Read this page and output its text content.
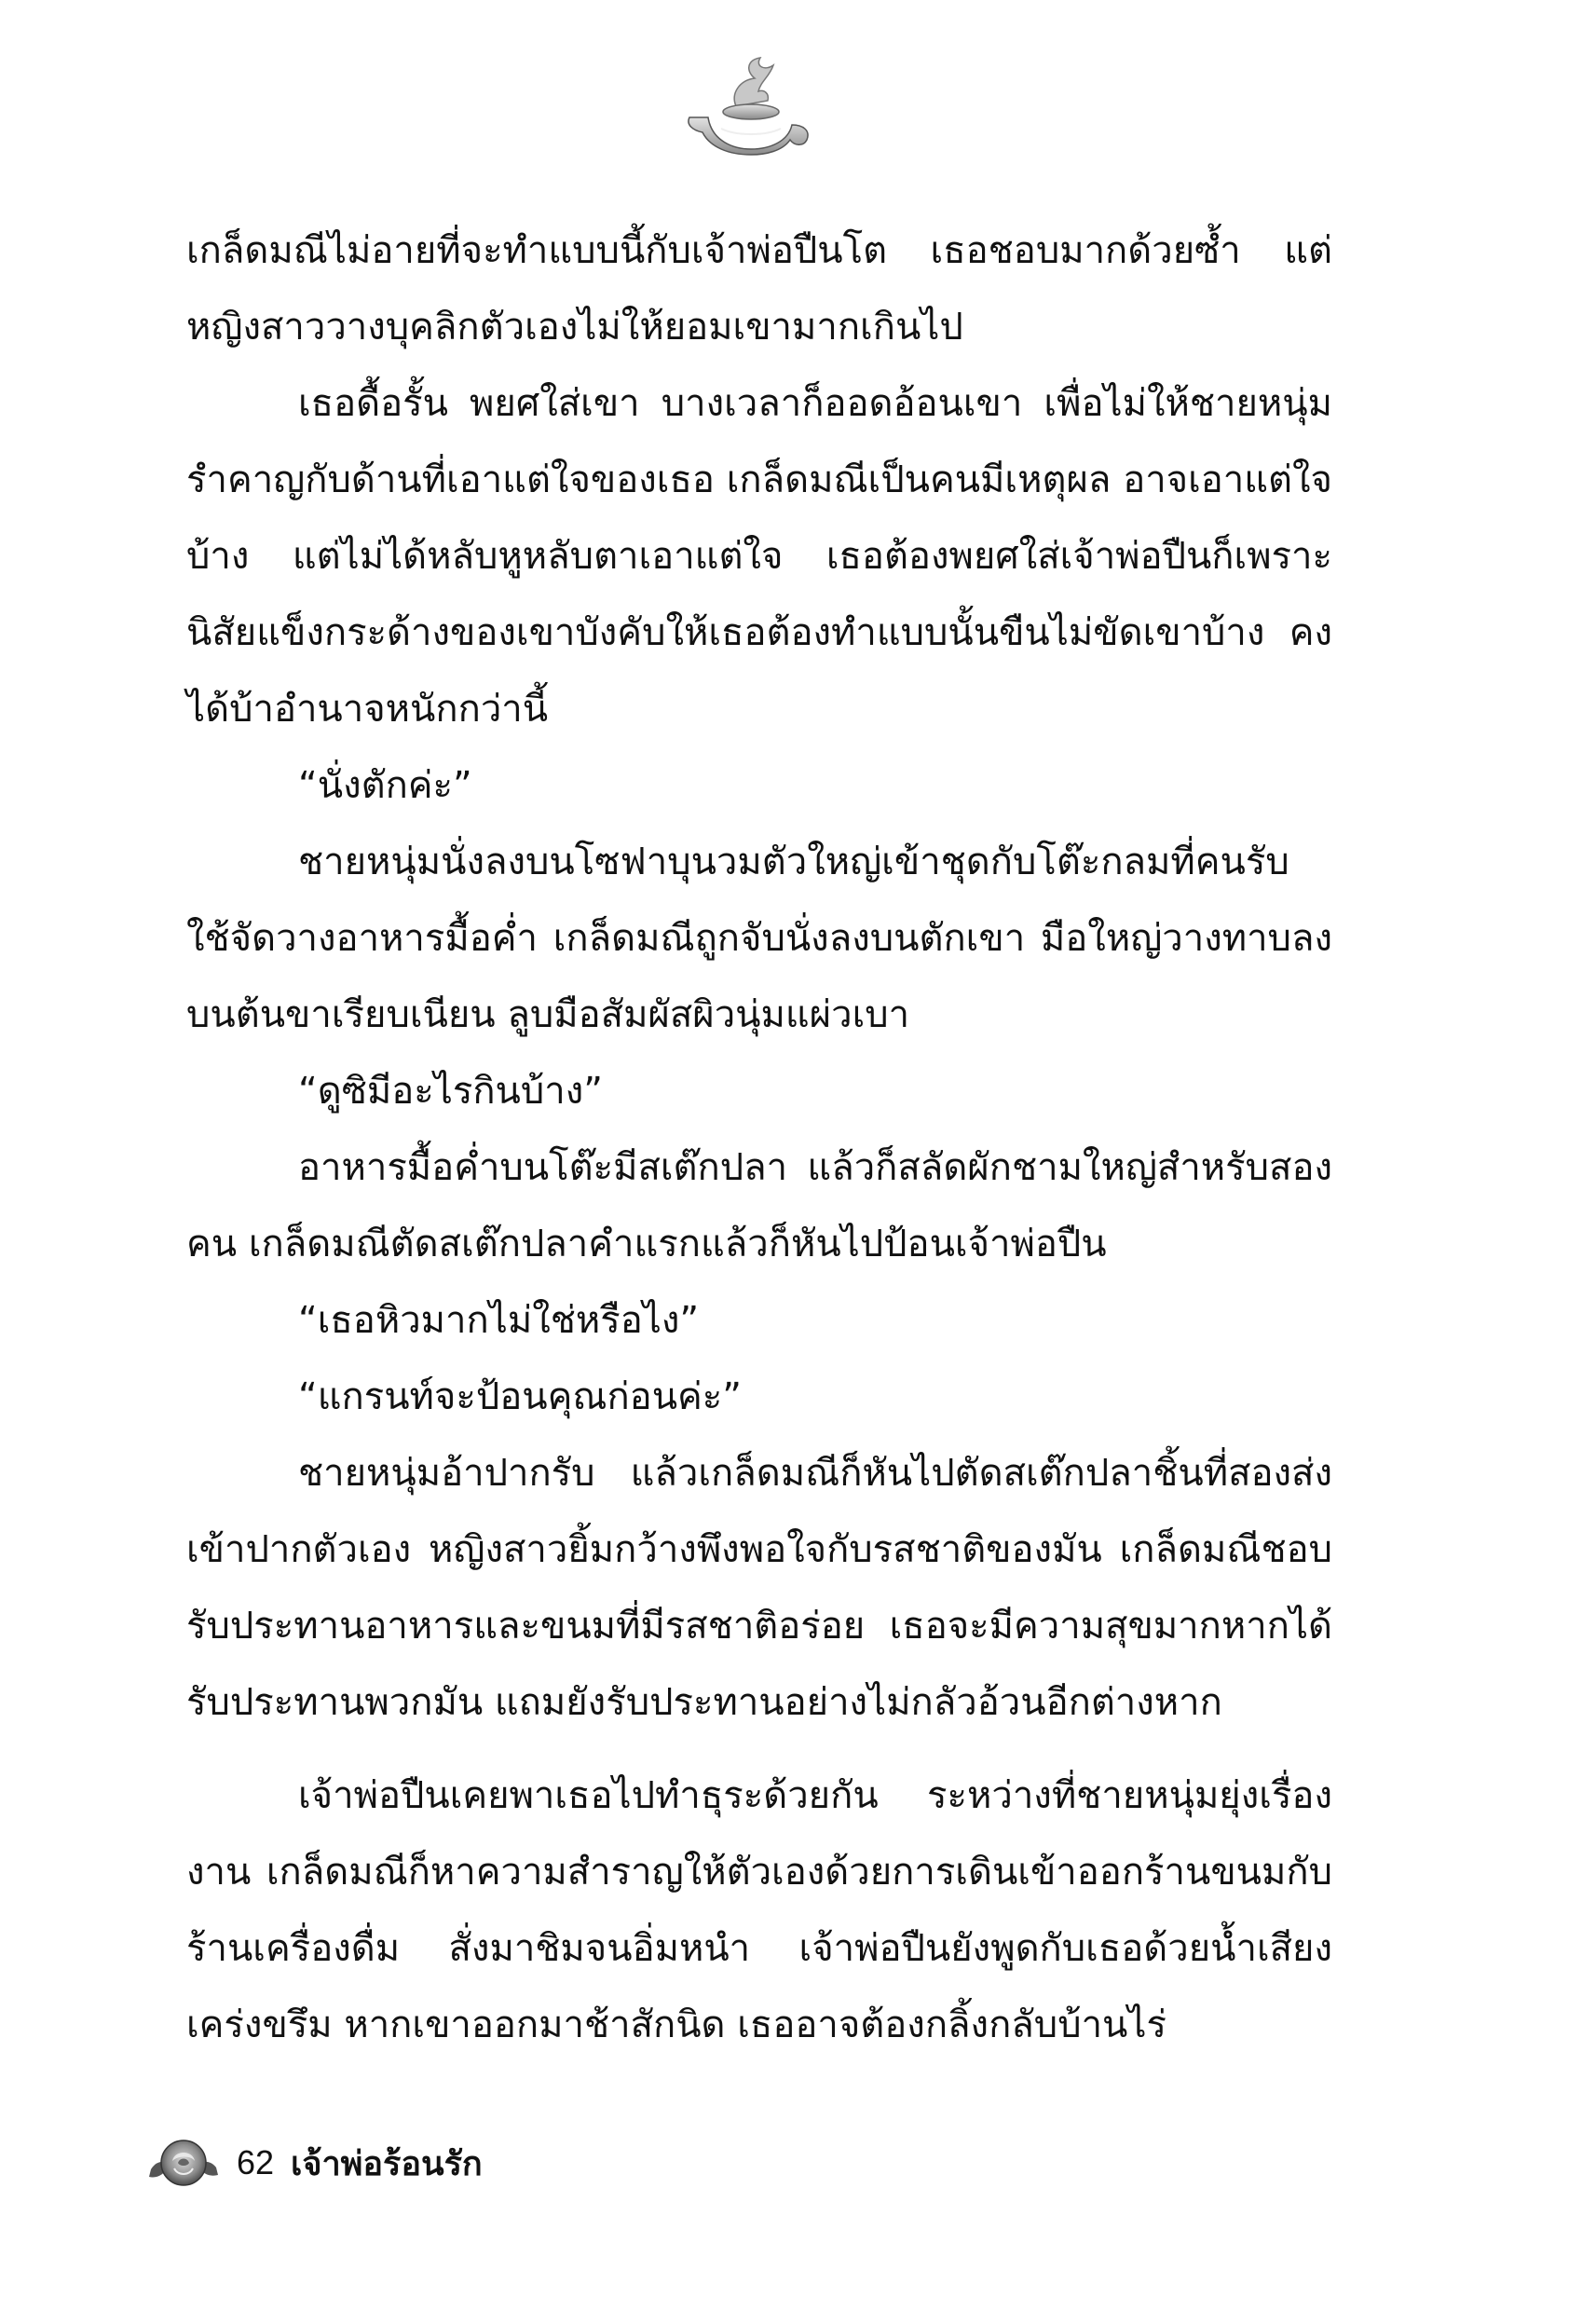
เกล็ดมณีไม่อายที่จะทำแบบนี้กับเจ้าพ่อปืนโต เธอชอบมากด้วยซ้ำ แต่หญิงสาววางบุคลิกตัวเองไม่ให้ยอมเขามากเกินไป

เธอดื้อรั้น พยศใส่เขา บางเวลาก็ออดอ้อนเขา เพื่อไม่ให้ชายหนุ่มรำคาญกับด้านที่เอาแต่ใจของเธอ เกล็ดมณีเป็นคนมีเหตุผล อาจเอาแต่ใจบ้าง แต่ไม่ได้หลับหูหลับตาเอาแต่ใจ เธอต้องพยศใส่เจ้าพ่อปืนก็เพราะนิสัยแข็งกระด้างของเขาบังคับให้เธอต้องทำแบบนั้นขืนไม่ขัดเขาบ้าง คงได้บ้าอำนาจหนักกว่านี้

“นั่งตักค่ะ”

ชายหนุ่มนั่งลงบนโซฟาบุนวมตัวใหญ่เข้าชุดกับโต๊ะกลมที่คนรับใช้จัดวางอาหารมื้อค่ำ เกล็ดมณีถูกจับนั่งลงบนตักเขา มือใหญ่วางทาบลงบนต้นขาเรียบเนียน ลูบมือสัมผัสผิวนุ่มแผ่วเบา

“ดูซิมีอะไรกินบ้าง”

อาหารมื้อค่ำบนโต๊ะมีสเต๊กปลา แล้วก็สลัดผักชามใหญ่สำหรับสองคน เกล็ดมณีตัดสเต๊กปลาคำแรกแล้วก็หันไปป้อนเจ้าพ่อปืน

“เธอหิวมากไม่ใช่หรือไง”

“แกรนท์จะป้อนคุณก่อนค่ะ”

ชายหนุ่มอ้าปากรับ แล้วเกล็ดมณีก็หันไปตัดสเต๊กปลาชิ้นที่สองส่งเข้าปากตัวเอง หญิงสาวยิ้มกว้างพึงพอใจกับรสชาติของมัน เกล็ดมณีชอบรับประทานอาหารและขนมที่มีรสชาติอร่อย เธอจะมีความสุขมากหากได้รับประทานพวกมัน แถมยังรับประทานอย่างไม่กลัวอ้วนอีกต่างหาก

เจ้าพ่อปืนเคยพาเธอไปทำธุระด้วยกัน ระหว่างที่ชายหนุ่มยุ่งเรื่องงาน เกล็ดมณีก็หาความสำราญให้ตัวเองด้วยการเดินเข้าออกร้านขนมกับร้านเครื่องดื่ม สั่งมาชิมจนอิ่มหนำ เจ้าพ่อปืนยังพูดกับเธอด้วยน้ำเสียงเคร่งขรึม หากเขาออกมาช้าสักนิด เธออาจต้องกลิ้งกลับบ้านไร่

62 เจ้าพ่อร้อนรัก
